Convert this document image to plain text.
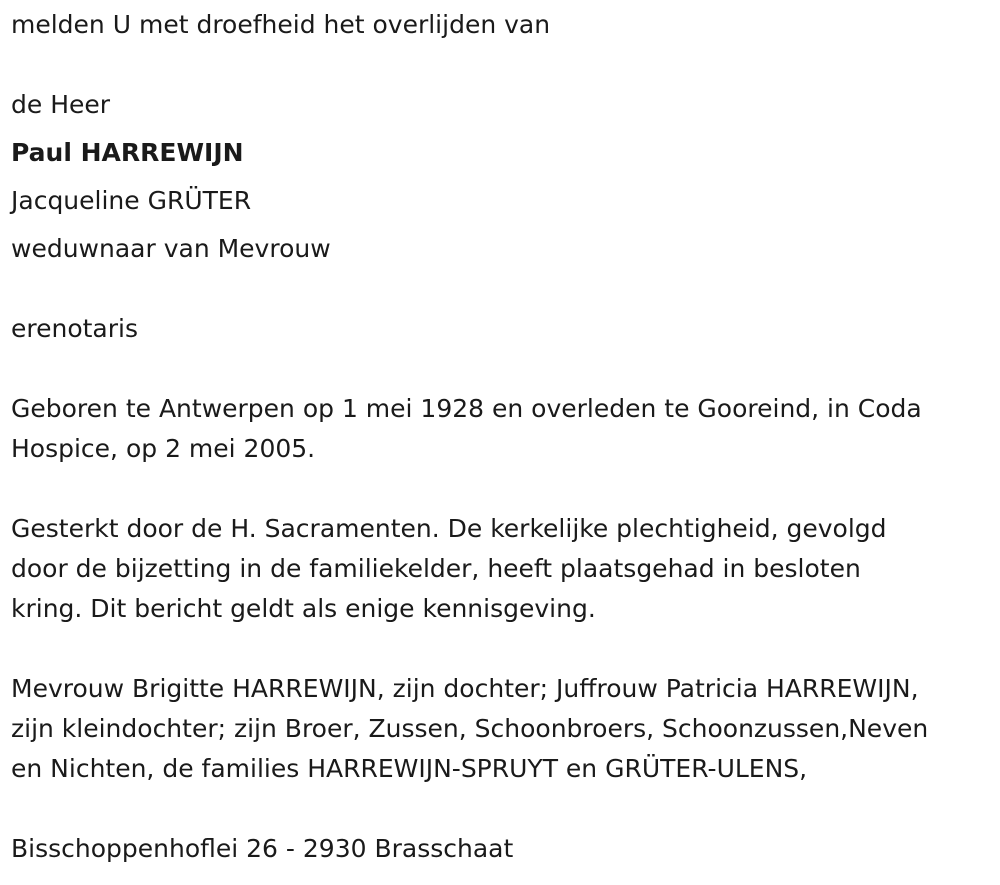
melden U met droefheid het overlijden van

de Heer

Paul HARREWIJN

Jacqueline GRÜTER

weduwnaar van Mevrouw

erenotaris

Geboren te Antwerpen op 1 mei 1928 en overleden te Gooreind, in Coda

Hospice, op 2 mei 2005.

Gesterkt door de H. Sacramenten. De kerkelijke plechtigheid, gevolgd

door de bijzetting in de familiekelder, heeft plaatsgehad in besloten

kring. Dit bericht geldt als enige kennisgeving.

Mevrouw Brigitte HARREWIJN, zijn dochter; Juffrouw Patricia HARREWIJN,

zijn kleindochter; zijn Broer, Zussen, Schoonbroers, Schoonzussen,Neven

en Nichten, de families HARREWIJN-SPRUYT en GRÜTER-ULENS,

Bisschoppenhoflei 26 - 2930 Brasschaat
